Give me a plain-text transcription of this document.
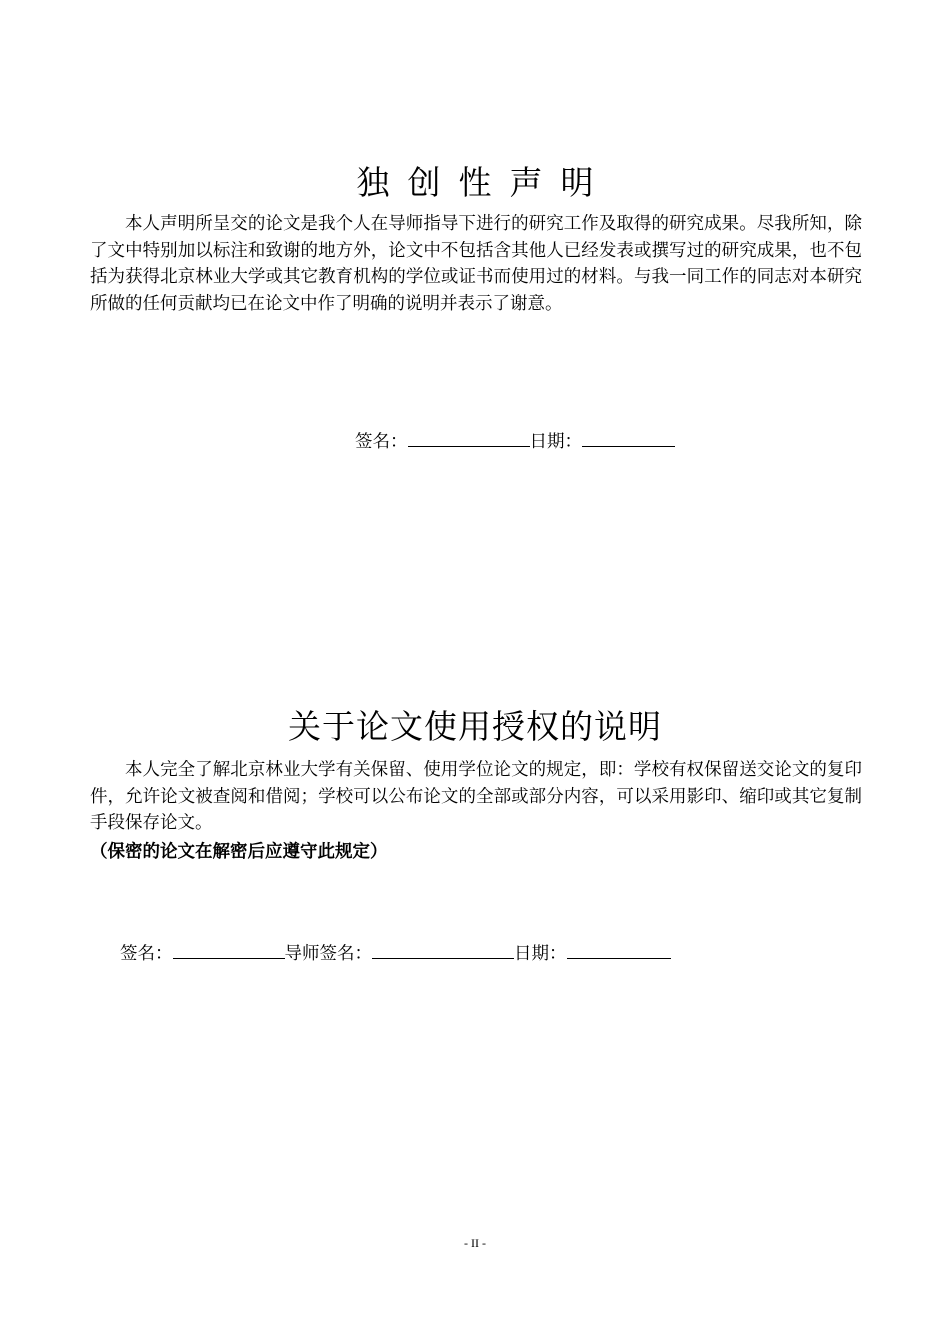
独创性声明
本人声明所呈交的论文是我个人在导师指导下进行的研究工作及取得的研究成果。尽我所知，除了文中特别加以标注和致谢的地方外，论文中不包括含其他人已经发表或撰写过的研究成果，也不包括为获得北京林业大学或其它教育机构的学位或证书而使用过的材料。与我一同工作的同志对本研究所做的任何贡献均已在论文中作了明确的说明并表示了谢意。
签名：	日期：
关于论文使用授权的说明
本人完全了解北京林业大学有关保留、使用学位论文的规定，即：学校有权保留送交论文的复印件，允许论文被查阅和借阅；学校可以公布论文的全部或部分内容，可以采用影印、缩印或其它复制手段保存论文。
（保密的论文在解密后应遵守此规定）
签名：	导师签名：	日期：
- II -
